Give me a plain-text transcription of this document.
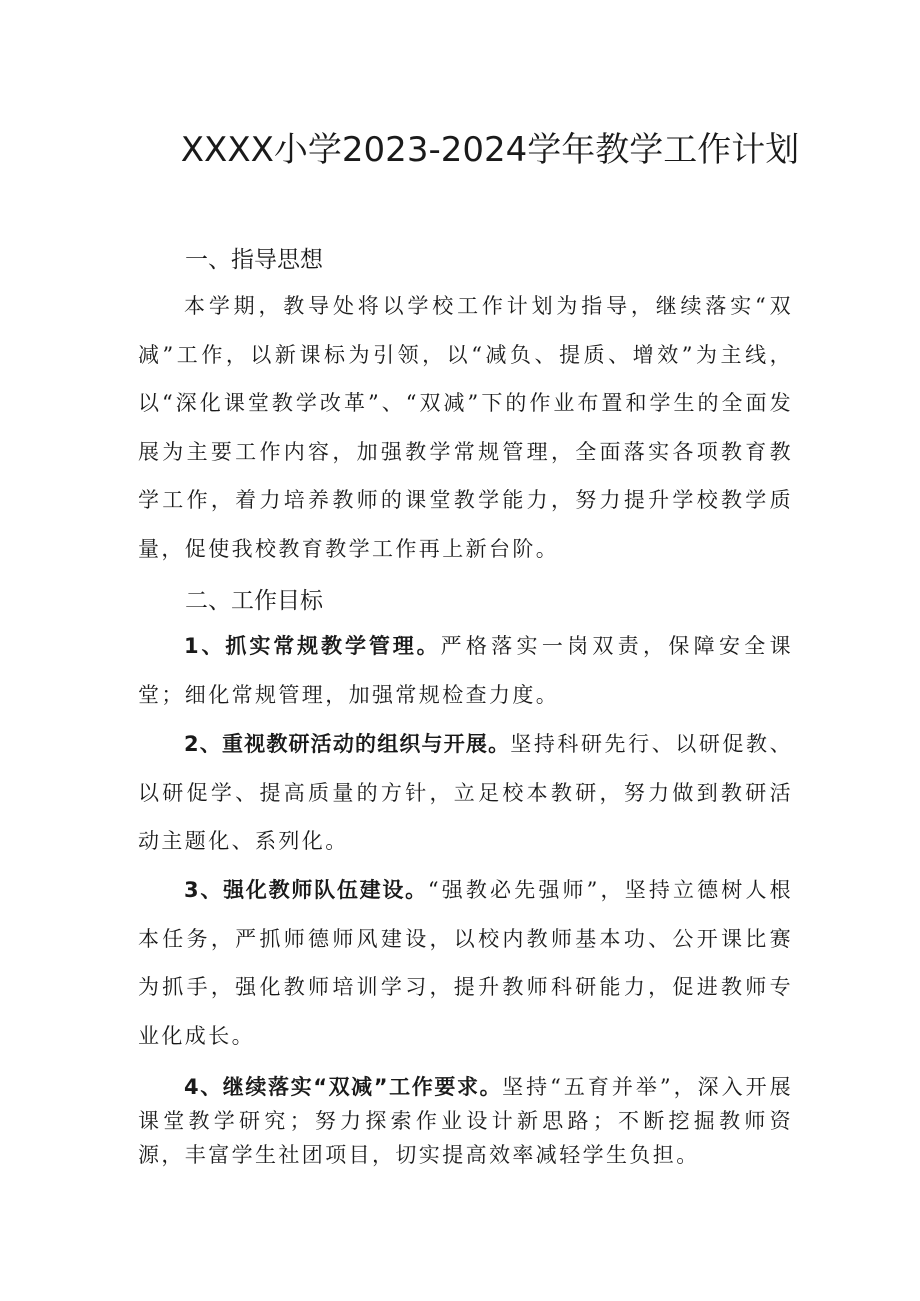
XXXX小学2023-2024学年教学工作计划
一、指导思想

本学期，教导处将以学校工作计划为指导，继续落实“双减”工作，以新课标为引领，以“减负、提质、增效”为主线，以“深化课堂教学改革”、“双减”下的作业布置和学生的全面发展为主要工作内容，加强教学常规管理，全面落实各项教育教学工作，着力培养教师的课堂教学能力，努力提升学校教学质量，促使我校教育教学工作再上新台阶。

二、工作目标

1、抓实常规教学管理。严格落实一岗双责，保障安全课堂；细化常规管理，加强常规检查力度。

2、重视教研活动的组织与开展。坚持科研先行、以研促教、以研促学、提高质量的方针，立足校本教研，努力做到教研活动主题化、系列化。

3、强化教师队伍建设。“强教必先强师”，坚持立德树人根本任务，严抓师德师风建设，以校内教师基本功、公开课比赛为抓手，强化教师培训学习，提升教师科研能力，促进教师专业化成长。

4、继续落实“双减”工作要求。坚持“五育并举”，深入开展课堂教学研究；努力探索作业设计新思路；不断挖掘教师资源，丰富学生社团项目，切实提高效率减轻学生负担。
